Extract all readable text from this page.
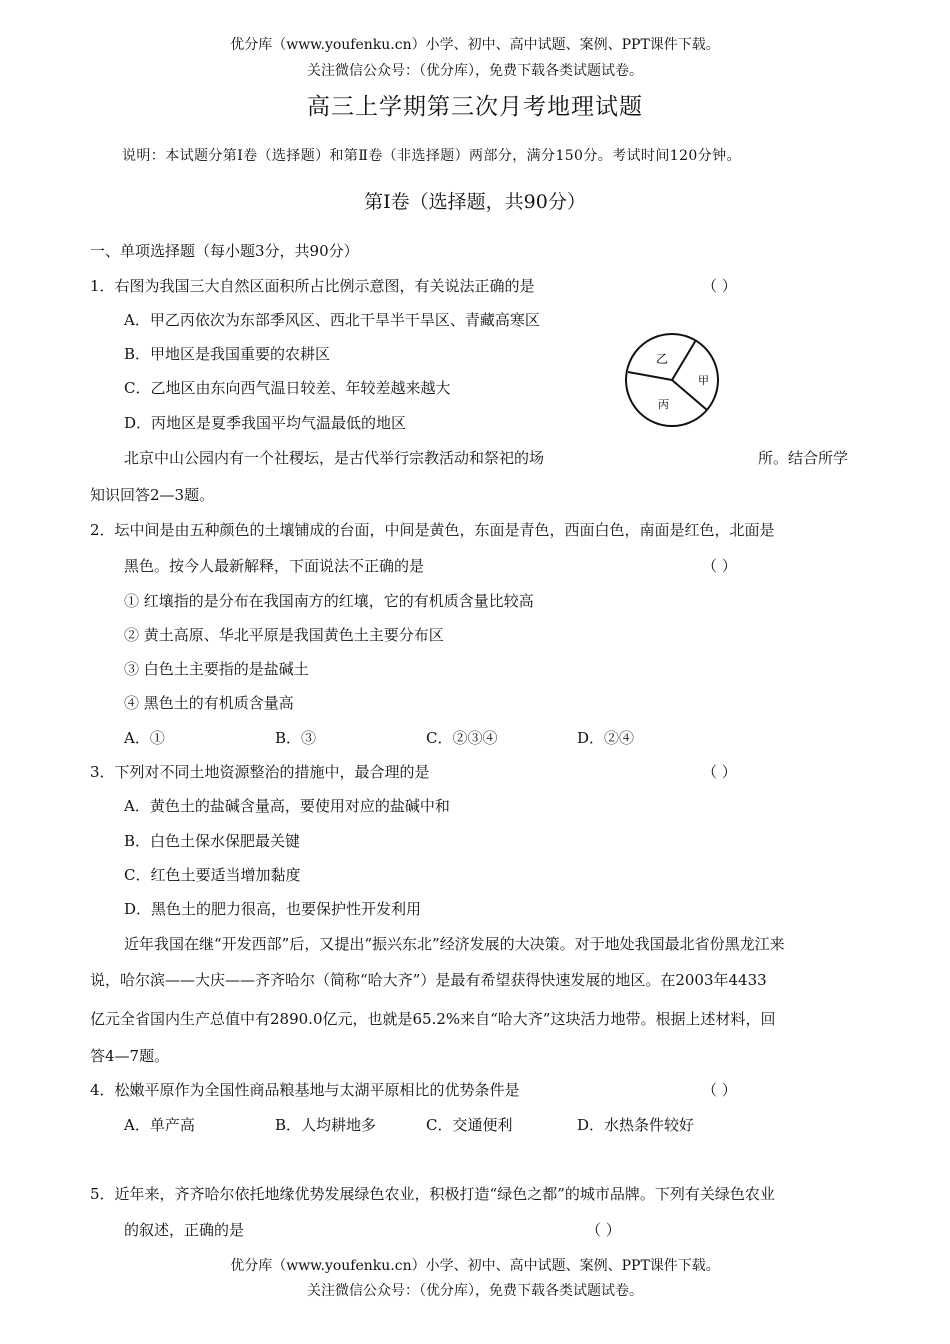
优分库（www.youfenku.cn）小学、初中、高中试题、案例、PPT课件下载。
关注微信公众号：（优分库），免费下载各类试题试卷。
高三上学期第三次月考地理试题
说明：本试题分第Ⅰ卷（选择题）和第Ⅱ卷（非选择题）两部分，满分150分。考试时间120分钟。
第Ⅰ卷（选择题，共90分）
一、单项选择题（每小题3分，共90分）
1．右图为我国三大自然区面积所占比例示意图，有关说法正确的是	（ ）
A．甲乙丙依次为东部季风区、西北干旱半干旱区、青藏高寒区
B．甲地区是我国重要的农耕区
C．乙地区由东向西气温日较差、年较差越来越大
D．丙地区是夏季我国平均气温最低的地区
乙
甲
丙
北京中山公园内有一个社稷坛，是古代举行宗教活动和祭祀的场	所。结合所学
知识回答2—3题。
2．坛中间是由五种颜色的土壤铺成的台面，中间是黄色，东面是青色，西面白色，南面是红色，北面是
黑色。按今人最新解释，下面说法不正确的是	（ ）
① 红壤指的是分布在我国南方的红壤，它的有机质含量比较高
② 黄土高原、华北平原是我国黄色土主要分布区
③ 白色土主要指的是盐碱土
④ 黑色土的有机质含量高
A．①	B．③	C．②③④	D．②④
3．下列对不同土地资源整治的措施中，最合理的是	（ ）
A．黄色土的盐碱含量高，要使用对应的盐碱中和
B．白色土保水保肥最关键
C．红色土要适当增加黏度
D．黑色土的肥力很高，也要保护性开发利用
近年我国在继“开发西部”后，又提出“振兴东北”经济发展的大决策。对于地处我国最北省份黑龙江来
说，哈尔滨——大庆——齐齐哈尔（简称“哈大齐”）是最有希望获得快速发展的地区。在2003年4433
亿元全省国内生产总值中有2890.0亿元，也就是65.2%来自“哈大齐”这块活力地带。根据上述材料，回
答4—7题。
4．松嫩平原作为全国性商品粮基地与太湖平原相比的优势条件是	（ ）
A．单产高	B．人均耕地多	C．交通便利	D．水热条件较好
5．近年来，齐齐哈尔依托地缘优势发展绿色农业，积极打造“绿色之都”的城市品牌。下列有关绿色农业
的叙述，正确的是	（ ）
优分库（www.youfenku.cn）小学、初中、高中试题、案例、PPT课件下载。
关注微信公众号：（优分库），免费下载各类试题试卷。
